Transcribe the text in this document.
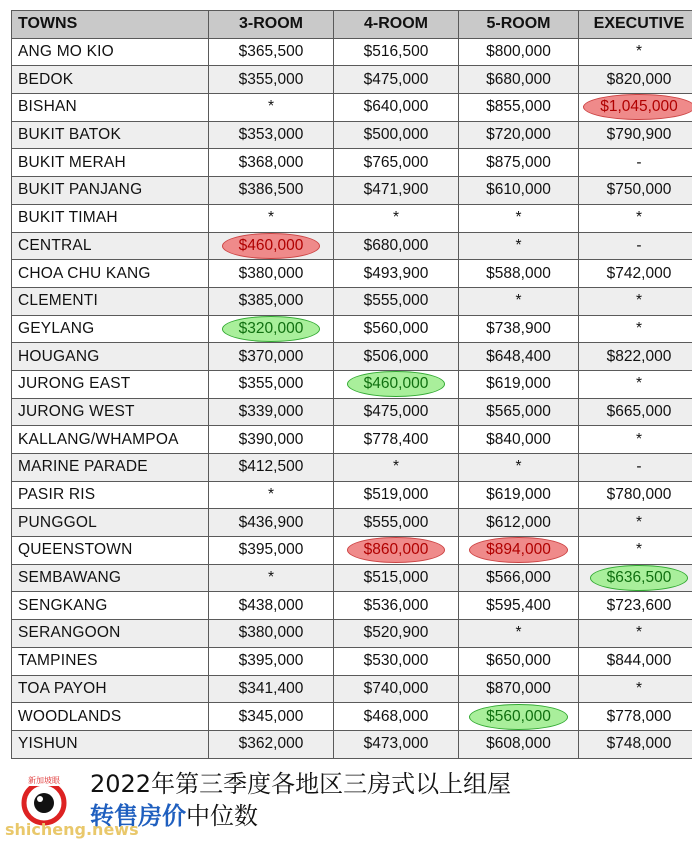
TOWNS	3-ROOM	4-ROOM	5-ROOM	EXECUTIVE
ANG MO KIO	$365,500	$516,500	$800,000	*
BEDOK	$355,000	$475,000	$680,000	$820,000
BISHAN	*	$640,000	$855,000	$1,045,000
BUKIT BATOK	$353,000	$500,000	$720,000	$790,900
BUKIT MERAH	$368,000	$765,000	$875,000	-
BUKIT PANJANG	$386,500	$471,900	$610,000	$750,000
BUKIT TIMAH	*	*	*	*
CENTRAL	$460,000	$680,000	*	-
CHOA CHU KANG	$380,000	$493,900	$588,000	$742,000
CLEMENTI	$385,000	$555,000	*	*
GEYLANG	$320,000	$560,000	$738,900	*
HOUGANG	$370,000	$506,000	$648,400	$822,000
JURONG EAST	$355,000	$460,000	$619,000	*
JURONG WEST	$339,000	$475,000	$565,000	$665,000
KALLANG/WHAMPOA	$390,000	$778,400	$840,000	*
MARINE PARADE	$412,500	*	*	-
PASIR RIS	*	$519,000	$619,000	$780,000
PUNGGOL	$436,900	$555,000	$612,000	*
QUEENSTOWN	$395,000	$860,000	$894,000	*
SEMBAWANG	*	$515,000	$566,000	$636,500
SENGKANG	$438,000	$536,000	$595,400	$723,600
SERANGOON	$380,000	$520,900	*	*
TAMPINES	$395,000	$530,000	$650,000	$844,000
TOA PAYOH	$341,400	$740,000	$870,000	*
WOODLANDS	$345,000	$468,000	$560,000	$778,000
YISHUN	$362,000	$473,000	$608,000	$748,000
新加坡眼 2022年第三季度各地区三房式以上组屋
转售房价中位数
shicheng.news
